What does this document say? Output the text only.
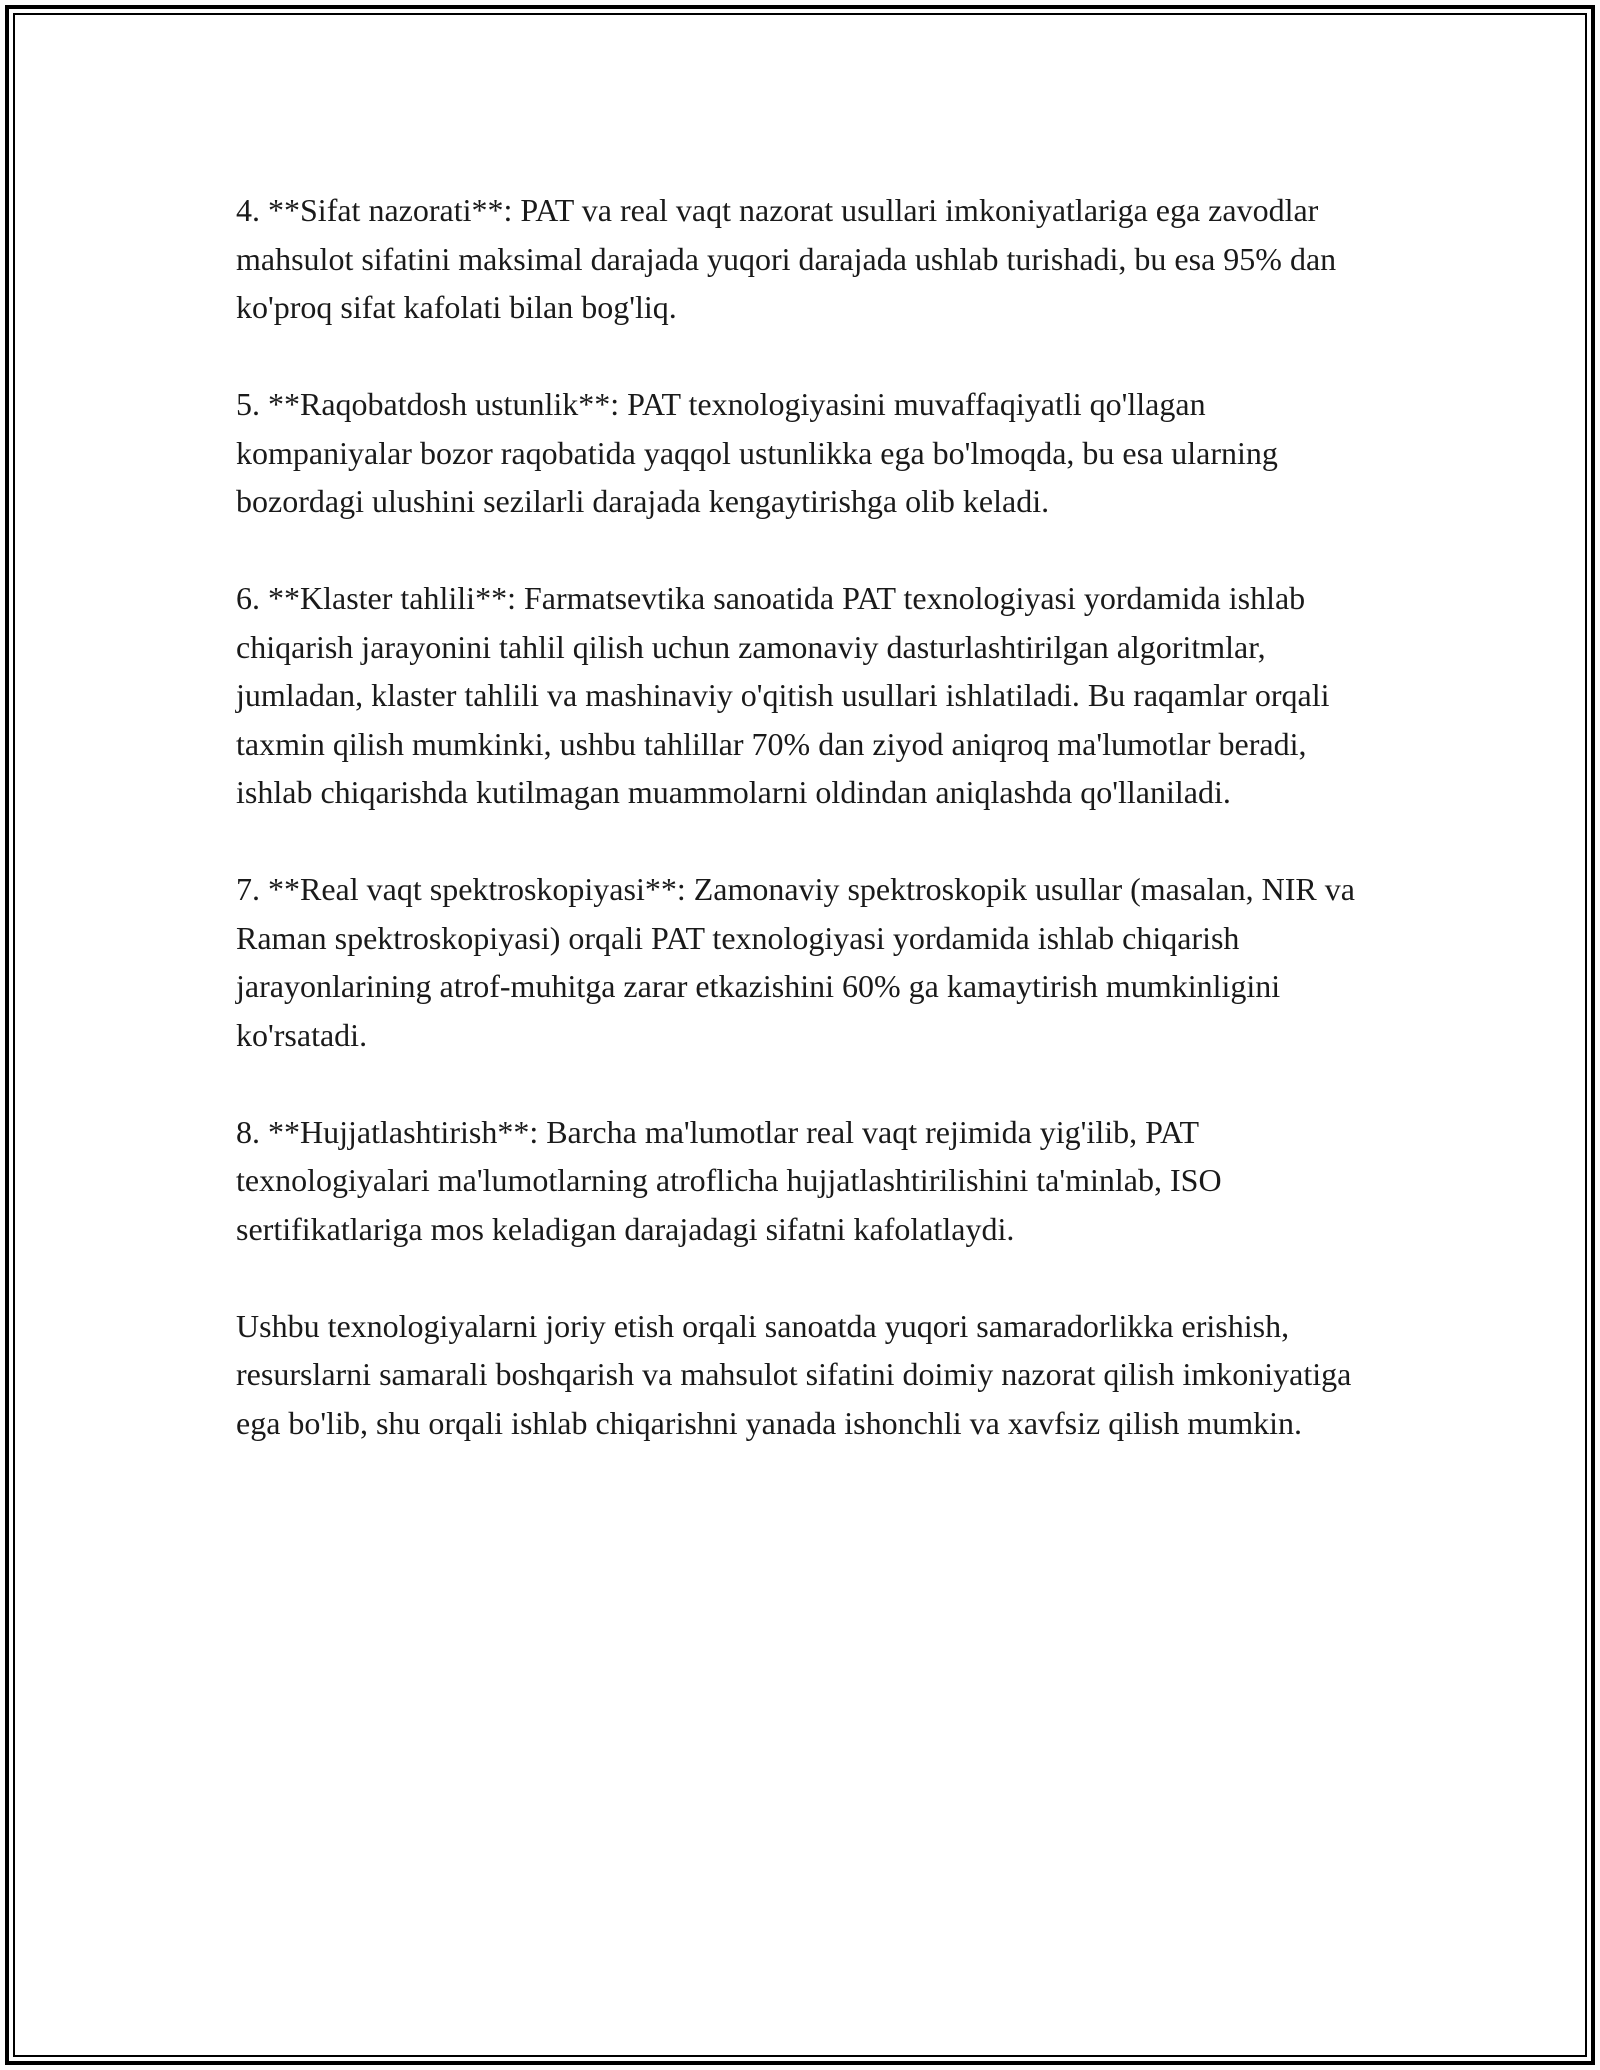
4. **Sifat nazorati**: PAT va real vaqt nazorat usullari imkoniyatlariga ega zavodlar mahsulot sifatini maksimal darajada yuqori darajada ushlab turishadi, bu esa 95% dan ko'proq sifat kafolati bilan bog'liq.

5. **Raqobatdosh ustunlik**: PAT texnologiyasini muvaffaqiyatli qo'llagan kompaniyalar bozor raqobatida yaqqol ustunlikka ega bo'lmoqda, bu esa ularning bozordagi ulushini sezilarli darajada kengaytirishga olib keladi.

6. **Klaster tahlili**: Farmatsevtika sanoatida PAT texnologiyasi yordamida ishlab chiqarish jarayonini tahlil qilish uchun zamonaviy dasturlashtirilgan algoritmlar, jumladan, klaster tahlili va mashinaviy o'qitish usullari ishlatiladi. Bu raqamlar orqali taxmin qilish mumkinki, ushbu tahlillar 70% dan ziyod aniqroq ma'lumotlar beradi, ishlab chiqarishda kutilmagan muammolarni oldindan aniqlashda qo'llaniladi.

7. **Real vaqt spektroskopiyasi**: Zamonaviy spektroskopik usullar (masalan, NIR va Raman spektroskopiyasi) orqali PAT texnologiyasi yordamida ishlab chiqarish jarayonlarining atrof-muhitga zarar etkazishini 60% ga kamaytirish mumkinligini ko'rsatadi.

8. **Hujjatlashtirish**: Barcha ma'lumotlar real vaqt rejimida yig'ilib, PAT texnologiyalari ma'lumotlarning atroflicha hujjatlashtirilishini ta'minlab, ISO sertifikatlariga mos keladigan darajadagi sifatni kafolatlaydi.

Ushbu texnologiyalarni joriy etish orqali sanoatda yuqori samaradorlikka erishish, resurslarni samarali boshqarish va mahsulot sifatini doimiy nazorat qilish imkoniyatiga ega bo'lib, shu orqali ishlab chiqarishni yanada ishonchli va xavfsiz qilish mumkin.
